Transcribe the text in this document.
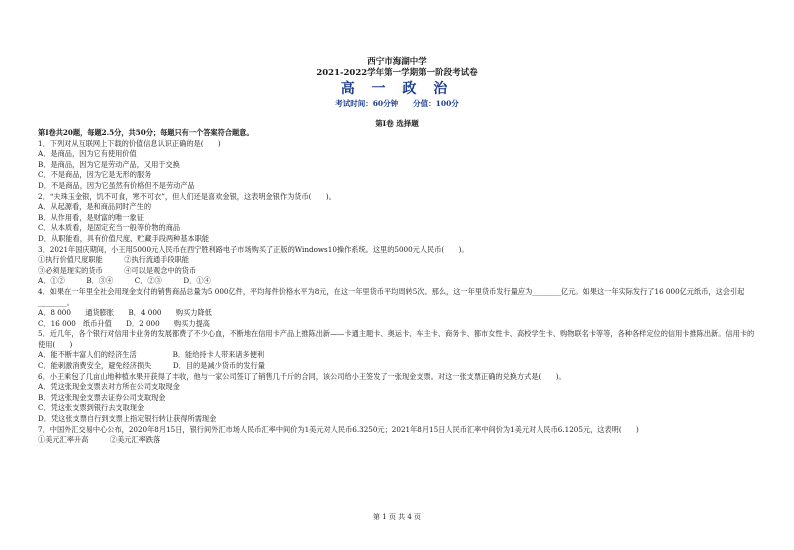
西宁市海湖中学
2021-2022学年第一学期第一阶段考试卷
高 一 政 治
考试时间：60分钟　　分值：100分
第Ⅰ卷 选择题
第Ⅰ卷共20题，每题2.5分，共50分；每题只有一个答案符合题意。
1．下列对从互联网上下载的价值信息认识正确的是(　　)
A．是商品，因为它有使用价值
B．是商品，因为它是劳动产品，又用于交换
C．不是商品，因为它是无形的服务
D．不是商品，因为它虽然有价格但不是劳动产品
2．“夫珠玉金银，饥不可食，寒不可衣”，但人们还是喜欢金银，这表明金银作为货币(　　)。
A．从起源看，是和商品同时产生的
B．从作用看，是财富的唯一象征
C．从本质看，是固定充当一般等价物的商品
D．从职能看，具有价值尺度、贮藏手段两种基本职能
3．2021年国庆期间，小王用5000元人民币在西宁胜利路电子市场购买了正版的Windows10操作系统。这里的5000元人民币(　　)。
①执行价值尺度职能　　　②执行流通手段职能
③必须是现实的货币　　　④可以是观念中的货币
A．①②　　　B．③④　　　C．②③　　　D．①④
4．如果在一年里全社会用现金支付的销售商品总量为5 000亿件，平均每件价格水平为8元，在这一年里货币平均周转5次。那么，这一年里货币发行量应为________亿元。如果这一年实际发行了16 000亿元纸币，这会引起________。
A．8 000　　通货膨胀　　B．4 000　　购买力降低
C．16 000　纸币升值　　D．2 000　　购买力提高
5．近几年，各个银行对信用卡业务的发展都费了不少心血，不断地在信用卡产品上推陈出新——卡通主题卡、奥运卡、车主卡、商务卡、都市女性卡、高校学生卡、购物联名卡等等，各种各样定位的信用卡推陈出新。信用卡的使用(　　)
A．能不断丰富人们的经济生活　　　　　B．能给持卡人带来诸多便利
C．能刺激消费安全，避免经济损失　　　D．目的是减少货币的发行量
6．小王乘包了几亩山地种植水果开获得了丰收，他与一家公司签订了销售几千斤的合同，该公司给小王签发了一张现金支票。对这一张支票正确的兑换方式是(　　)。
A．凭这张现金支票去对方所在公司支取现金
B．凭这张现金支票去证券公司支取现金
C．凭这张支票到银行去支取现金
D．凭这张支票自行到支票上指定银行转让获得所需现金
7．中国外汇交易中心公布，2020年8月15日，银行间外汇市场人民币汇率中间价为1美元对人民币6.3250元；2021年8月15日人民币汇率中间价为1美元对人民币6.1205元，这表明(　　)
①美元汇率升高　　　②美元汇率跌落
第 1 页 共 4 页
